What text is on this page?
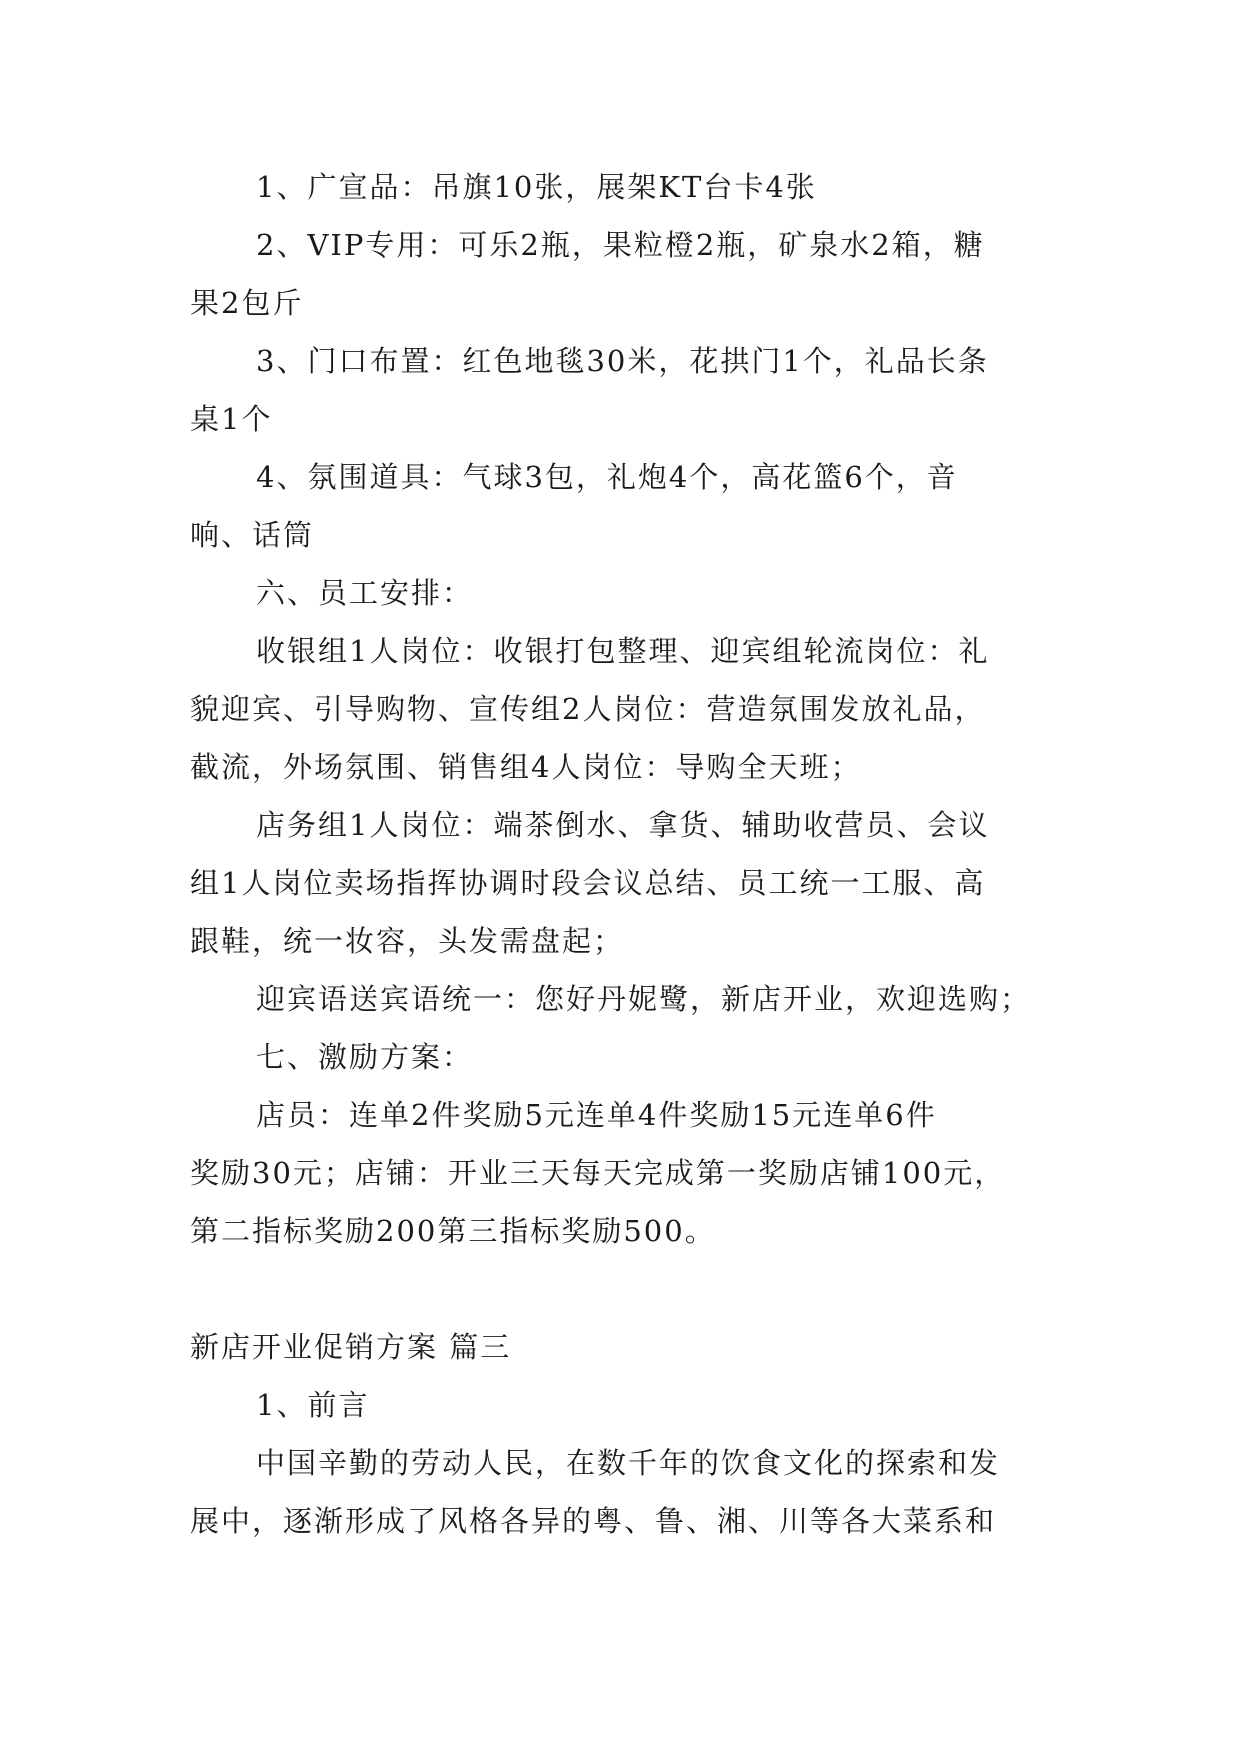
1、广宣品：吊旗10张，展架KT台卡4张
2、VIP专用：可乐2瓶，果粒橙2瓶，矿泉水2箱，糖
果2包斤
3、门口布置：红色地毯30米，花拱门1个，礼品长条
桌1个
4、氛围道具：气球3包，礼炮4个，高花篮6个，音
响、话筒
六、员工安排：
收银组1人岗位：收银打包整理、迎宾组轮流岗位：礼
貌迎宾、引导购物、宣传组2人岗位：营造氛围发放礼品，
截流，外场氛围、销售组4人岗位：导购全天班；
店务组1人岗位：端茶倒水、拿货、辅助收营员、会议
组1人岗位卖场指挥协调时段会议总结、员工统一工服、高
跟鞋，统一妆容，头发需盘起；
迎宾语送宾语统一：您好丹妮鹭，新店开业，欢迎选购；
七、激励方案：
店员：连单2件奖励5元连单4件奖励15元连单6件
奖励30元；店铺：开业三天每天完成第一奖励店铺100元，
第二指标奖励200第三指标奖励500。
新店开业促销方案 篇三
1、前言
中国辛勤的劳动人民，在数千年的饮食文化的探索和发
展中，逐渐形成了风格各异的粤、鲁、湘、川等各大菜系和
